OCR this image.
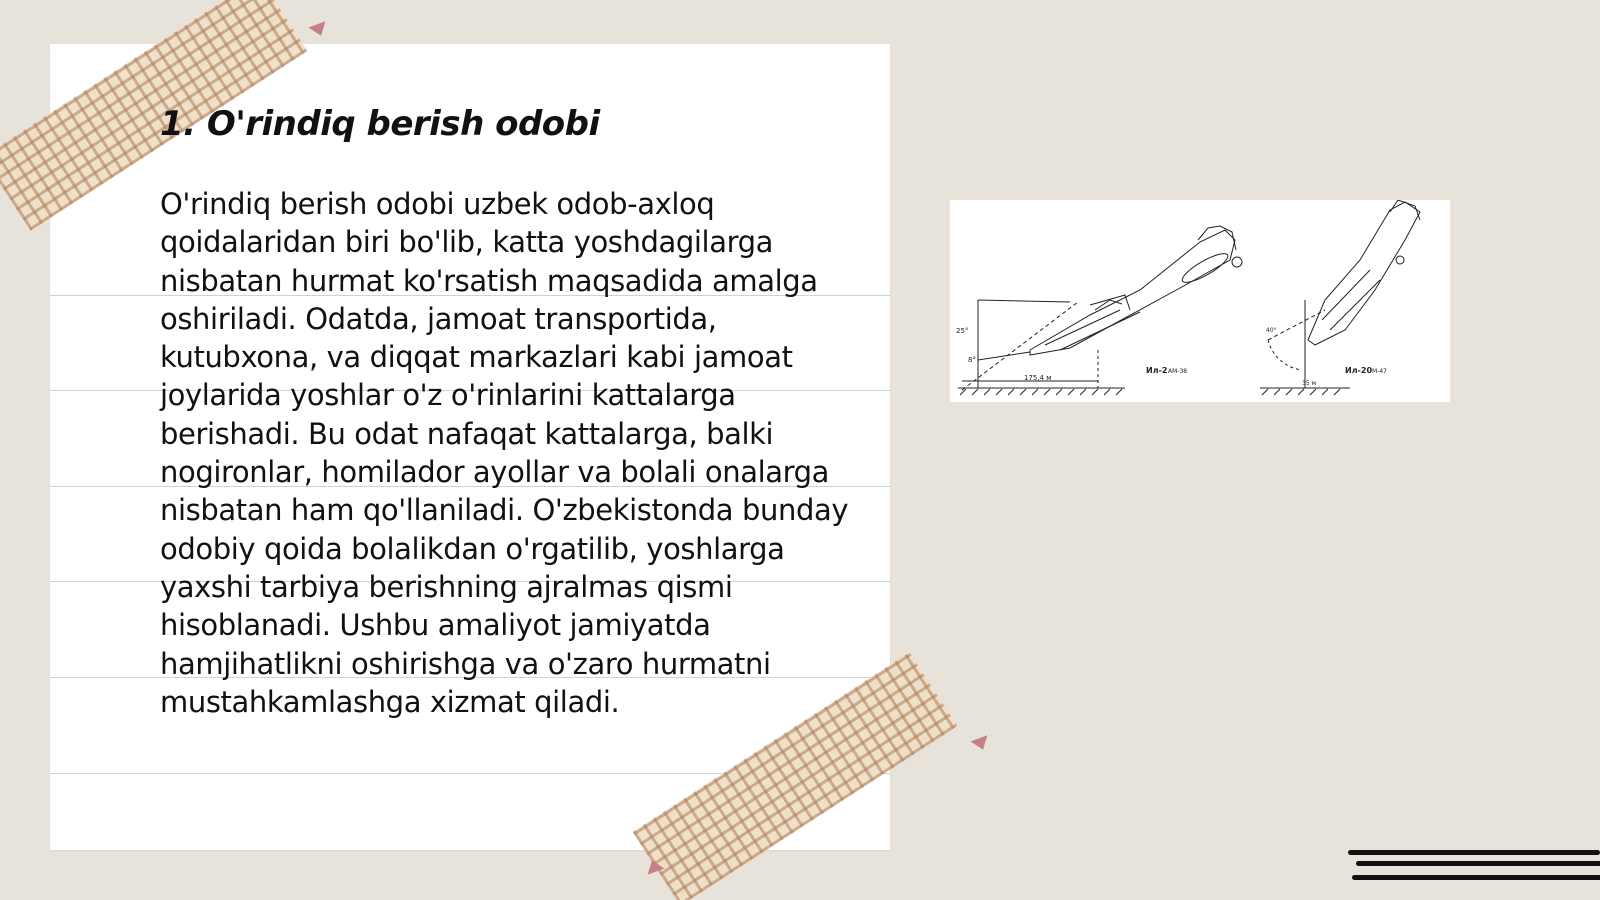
1. O'rindiq berish odobi

O'rindiq berish odobi uzbek odob-axloq qoidalaridan biri bo'lib, katta yoshdagilarga nisbatan hurmat ko'rsatish maqsadida amalga oshiriladi. Odatda, jamoat transportida, kutubxona, va diqqat markazlari kabi jamoat joylarida yoshlar o'z o'rinlarini kattalarga berishadi. Bu odat nafaqat kattalarga, balki nogironlar, homilador ayollar va bolali onalarga nisbatan ham qo'llaniladi. O'zbekistonda bunday odobiy qoida bolalikdan o'rgatilib, yoshlarga yaxshi tarbiya berishning ajralmas qismi hisoblanadi. Ushbu amaliyot jamiyatda hamjihatlikni oshirishga va o'zaro hurmatni mustahkamlashga xizmat qiladi.

25°
8°
175,4 м
Ил-2 АМ-38
40°
35 м
Ил-20 М-47
